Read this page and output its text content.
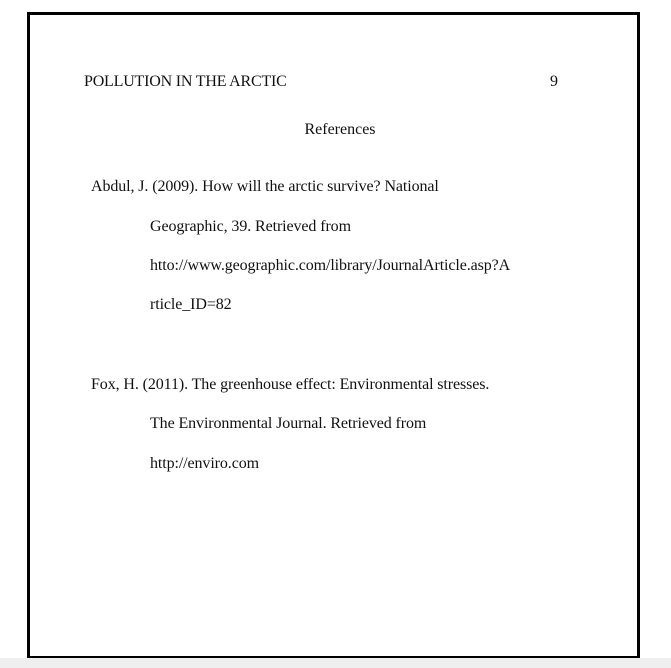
POLLUTION IN THE ARCTIC	9
References
Abdul, J. (2009). How will the arctic survive? National
Geographic, 39. Retrieved from
htto://www.geographic.com/library/JournalArticle.asp?A
rticle_ID=82
Fox, H. (2011). The greenhouse effect: Environmental stresses.
The Environmental Journal. Retrieved from
http://enviro.com
